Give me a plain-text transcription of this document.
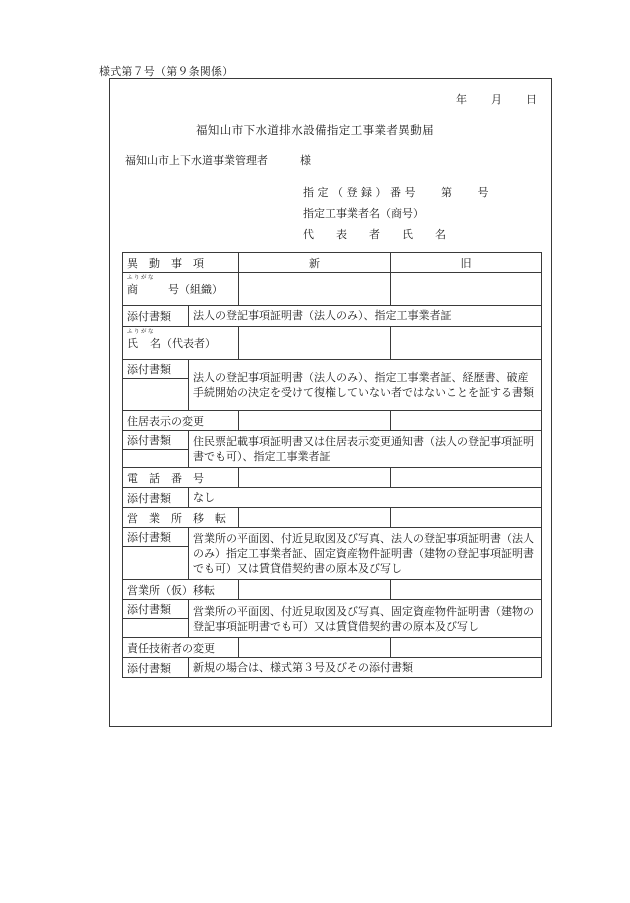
様式第７号（第９条関係）
年 月 日
福知山市下水道排水設備指定工事業者異動届
福知山市上下水道事業管理者	様
指 定 （ 登 録 ） 番 号　　 第　　 号
指定工事業者名（商号）
代　　表　　者　　氏　　名
異　動　事　項		新	旧

ふりがな
商 号（組織）			
添付書類	法人の登記事項証明書（法人のみ）、指定工事業者証		

ふりがな
氏 名（代表者）			
添付書類	法人の登記事項証明書（法人のみ）、指定工事業者証、経歴書、破産手続開始の決定を受けて復権していない者ではないことを証する書類		

住居表示の変更			
添付書類	住民票記載事項証明書又は住居表示変更通知書（法人の登記事項証明書でも可）、指定工事業者証		

電　話　番　号			
添付書類	なし		
営　業　所　移　転			
添付書類	営業所の平面図、付近見取図及び写真、法人の登記事項証明書（法人のみ）指定工事業者証、固定資産物件証明書（建物の登記事項証明書でも可）又は賃貸借契約書の原本及び写し		

営業所（仮）移転			
添付書類	営業所の平面図、付近見取図及び写真、固定資産物件証明書（建物の登記事項証明書でも可）又は賃貸借契約書の原本及び写し		

責任技術者の変更			
添付書類	新規の場合は、様式第３号及びその添付書類		
